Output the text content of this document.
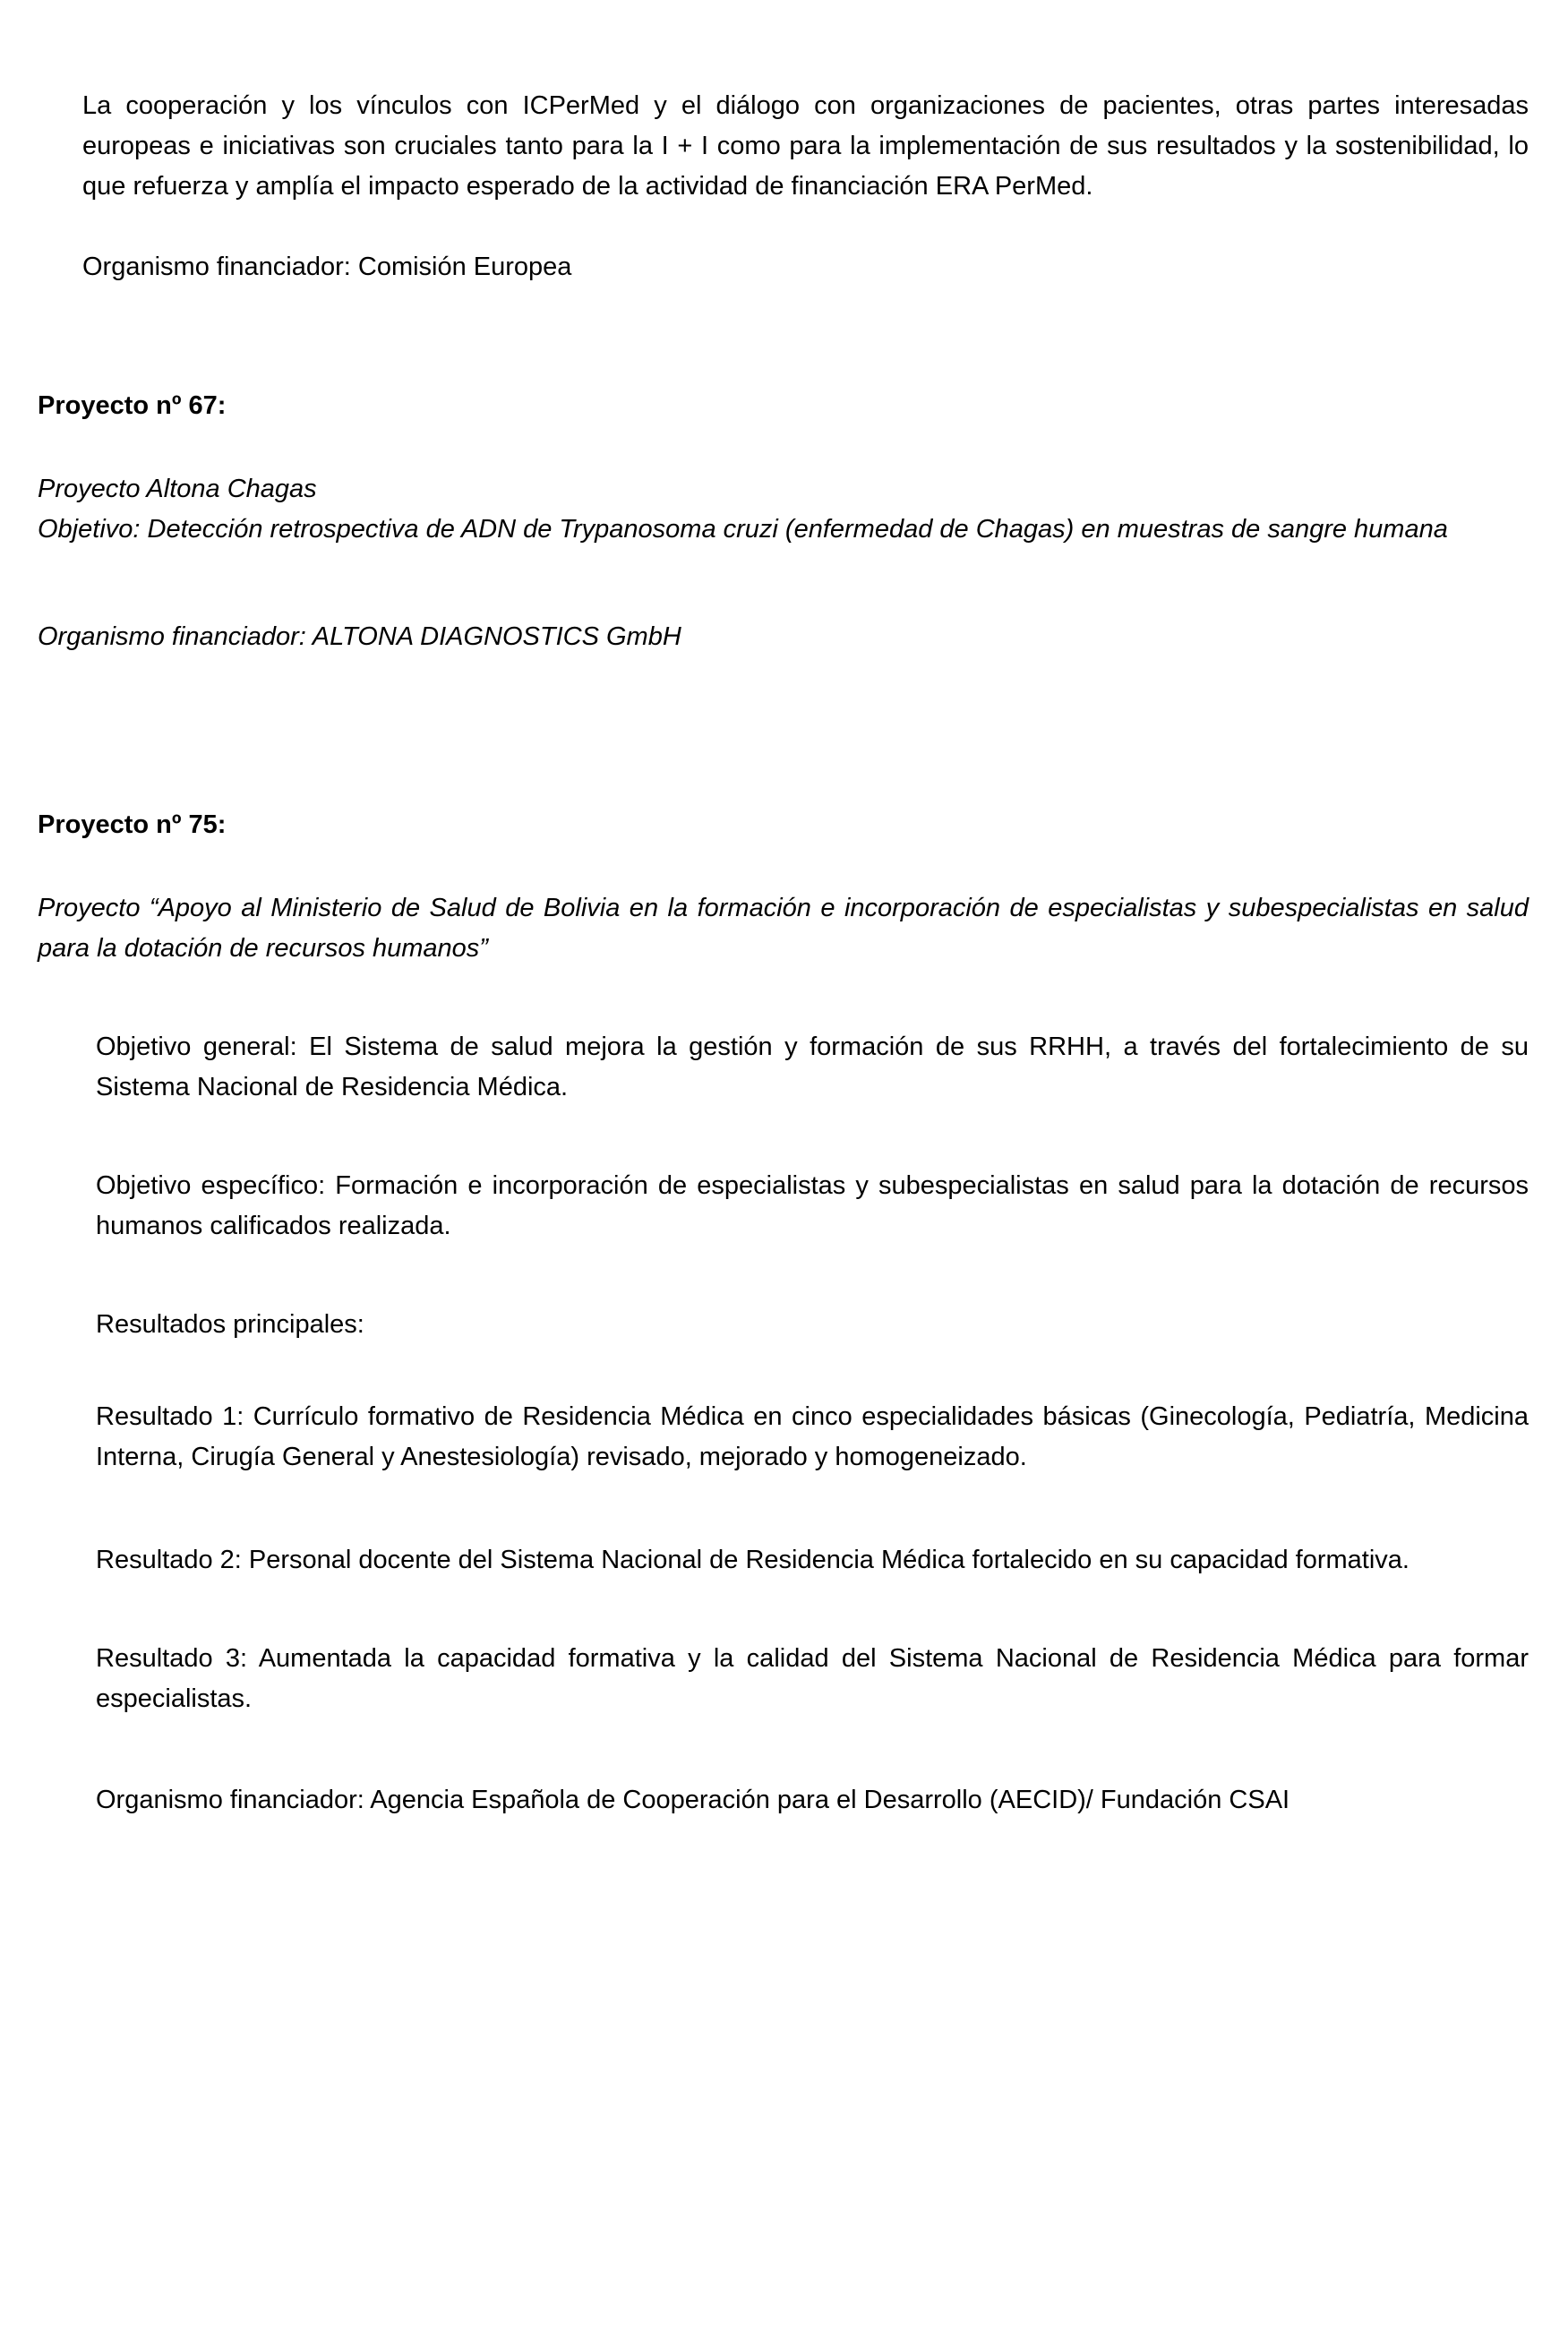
La cooperación y los vínculos con ICPerMed y el diálogo con organizaciones de pacientes, otras partes interesadas europeas e iniciativas son cruciales tanto para la I + I como para la implementación de sus resultados y la sostenibilidad, lo que refuerza y amplía el impacto esperado de la actividad de financiación ERA PerMed.

Organismo financiador: Comisión Europea

Proyecto nº 67:

Proyecto Altona Chagas

Objetivo: Detección retrospectiva de ADN de Trypanosoma cruzi (enfermedad de Chagas) en muestras de sangre humana

Organismo financiador: ALTONA DIAGNOSTICS GmbH

Proyecto nº 75:

Proyecto “Apoyo al Ministerio de Salud de Bolivia en la formación e incorporación de especialistas y subespecialistas en salud para la dotación de recursos humanos”

Objetivo general: El Sistema de salud mejora la gestión y formación de sus RRHH, a través del fortalecimiento de su Sistema Nacional de Residencia Médica.

Objetivo específico: Formación e incorporación de especialistas y subespecialistas en salud para la dotación de recursos humanos calificados realizada.

Resultados principales:

Resultado 1: Currículo formativo de Residencia Médica en cinco especialidades básicas (Ginecología, Pediatría, Medicina Interna, Cirugía General y Anestesiología) revisado, mejorado y homogeneizado.

Resultado 2: Personal docente del Sistema Nacional de Residencia Médica fortalecido en su capacidad formativa.

Resultado 3: Aumentada la capacidad formativa y la calidad del Sistema Nacional de Residencia Médica para formar especialistas.

Organismo financiador: Agencia Española de Cooperación para el Desarrollo (AECID)/ Fundación CSAI
